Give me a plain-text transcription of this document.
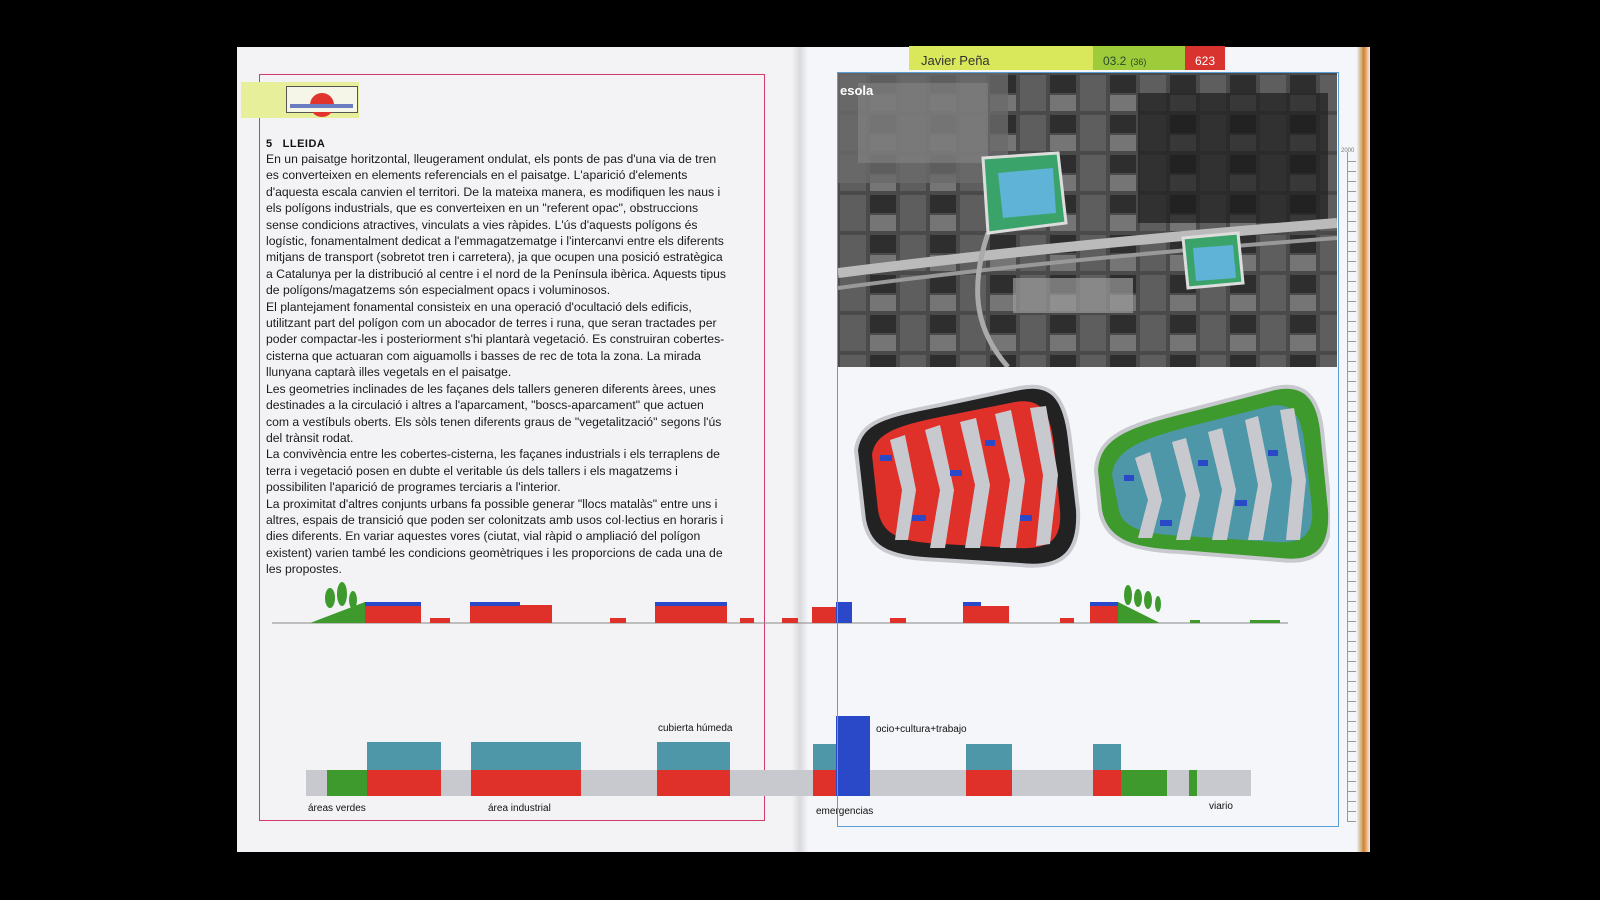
5 LLEIDA

En un paisatge horitzontal, lleugerament ondulat, els ponts de pas d'una via de tren es converteixen en elements referencials en el paisatge. L'aparició d'elements d'aquesta escala canvien el territori. De la mateixa manera, es modifiquen les naus i els polígons industrials, que es converteixen en un "referent opac", obstruccions sense condicions atractives, vinculats a vies ràpides. L'ús d'aquests polígons és logístic, fonamentalment dedicat a l'emmagatzematge i l'intercanvi entre els diferents mitjans de transport (sobretot tren i carretera), ja que ocupen una posició estratègica a Catalunya per la distribució al centre i el nord de la Península ibèrica. Aquests tipus de polígons/magatzems són especialment opacs i voluminosos.

El plantejament fonamental consisteix en una operació d'ocultació dels edificis, utilitzant part del polígon com un abocador de terres i runa, que seran tractades per poder compactar-les i posteriorment s'hi plantarà vegetació. Es construiran cobertes-cisterna que actuaran com aiguamolls i basses de rec de tota la zona. La mirada llunyana captarà illes vegetals en el paisatge.

Les geometries inclinades de les façanes dels tallers generen diferents àrees, unes destinades a la circulació i altres a l'aparcament, "boscs-aparcament" que actuen com a vestíbuls oberts. Els sòls tenen diferents graus de "vegetalització" segons l'ús del trànsit rodat.

La convivència entre les cobertes-cisterna, les façanes industrials i els terraplens de terra i vegetació posen en dubte el veritable ús dels tallers i els magatzems i possibiliten l'aparició de programes terciaris a l'interior.

La proximitat d'altres conjunts urbans fa possible generar "llocs matalàs" entre uns i altres, espais de transició que poden ser colonitzats amb usos col·lectius en horaris i dies diferents. En variar aquestes vores (ciutat, vial ràpid o ampliació del polígon existent) varien també les condicions geomètriques i les proporcions de cada una de les propostes.

Javier Peña	03.2 (36)	623
esola
áreas verdes	área industrial
cubierta húmeda
emergencias
ocio+cultura+trabajo
viario
2000
